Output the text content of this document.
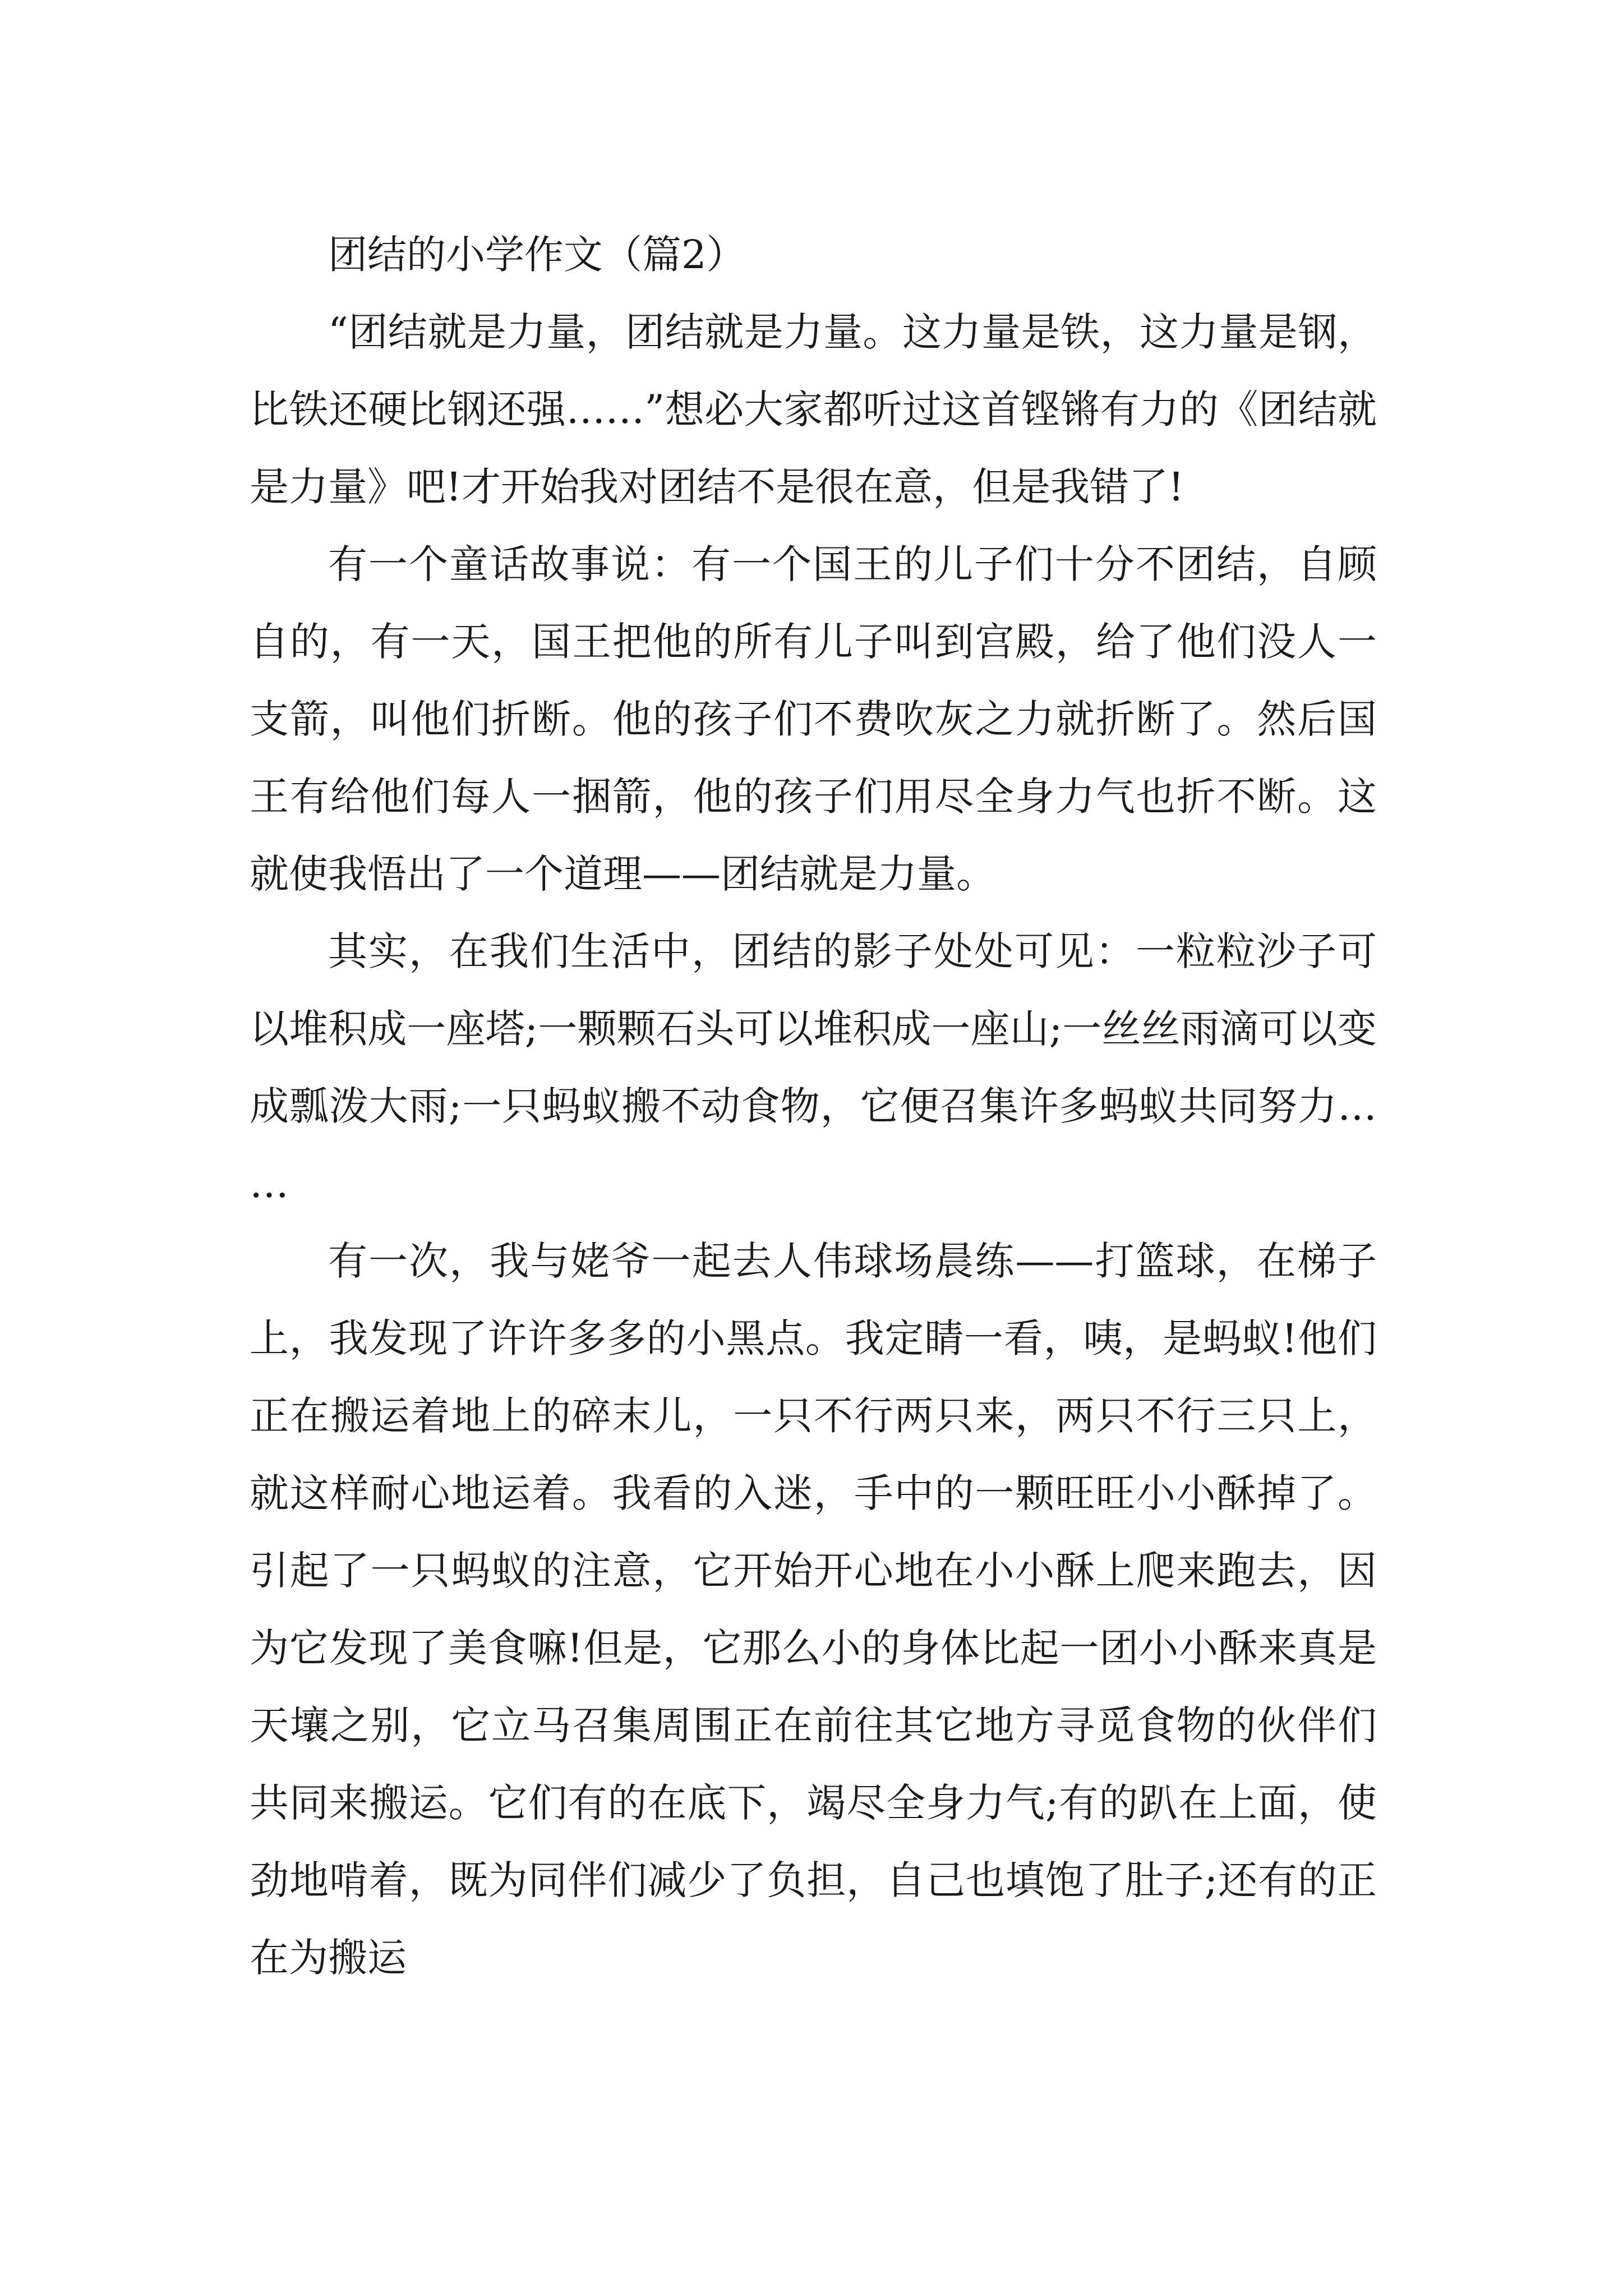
团结的小学作文（篇2）

“团结就是力量，团结就是力量。这力量是铁，这力量是钢，比铁还硬比钢还强……”想必大家都听过这首铿锵有力的《团结就是力量》吧!才开始我对团结不是很在意，但是我错了!

有一个童话故事说：有一个国王的儿子们十分不团结，自顾自的，有一天，国王把他的所有儿子叫到宫殿，给了他们没人一支箭，叫他们折断。他的孩子们不费吹灰之力就折断了。然后国王有给他们每人一捆箭，他的孩子们用尽全身力气也折不断。这就使我悟出了一个道理——团结就是力量。

其实，在我们生活中，团结的影子处处可见：一粒粒沙子可以堆积成一座塔;一颗颗石头可以堆积成一座山;一丝丝雨滴可以变成瓢泼大雨;一只蚂蚁搬不动食物，它便召集许多蚂蚁共同努力……

有一次，我与姥爷一起去人伟球场晨练——打篮球，在梯子上，我发现了许许多多的小黑点。我定睛一看，咦，是蚂蚁!他们正在搬运着地上的碎末儿，一只不行两只来，两只不行三只上，就这样耐心地运着。我看的入迷，手中的一颗旺旺小小酥掉了。引起了一只蚂蚁的注意，它开始开心地在小小酥上爬来跑去，因为它发现了美食嘛!但是，它那么小的身体比起一团小小酥来真是天壤之别，它立马召集周围正在前往其它地方寻觅食物的伙伴们共同来搬运。它们有的在底下，竭尽全身力气;有的趴在上面，使劲地啃着，既为同伴们减少了负担，自己也填饱了肚子;还有的正在为搬运
